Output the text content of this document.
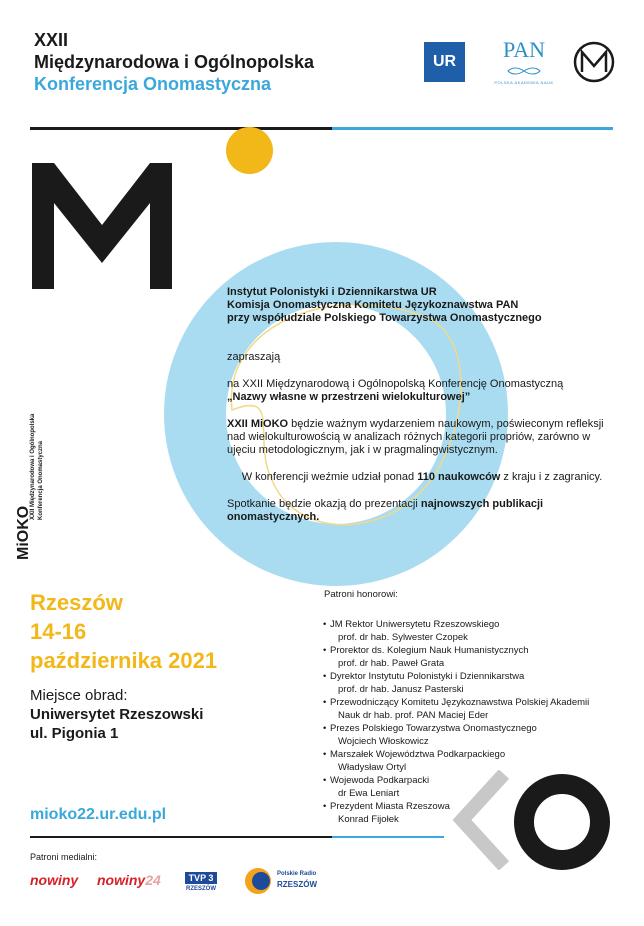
XXII
Międzynarodowa i Ogólnopolska
Konferencja Onomastyczna
UR	PAN
POLSKA AKADEMIA NAUK

Instytut Polonistyki i Dziennikarstwa UR
Komisja Onomastyczna Komitetu Językoznawstwa PAN
przy współudziale Polskiego Towarzystwa Onomastycznego

zapraszają

na XXII Międzynarodową i Ogólnopolską Konferencję Onomastyczną
„Nazwy własne w przestrzeni wielokulturowej”

XXII MiOKO będzie ważnym wydarzeniem naukowym, poświeconym refleksji nad wielokulturowością w analizach różnych kategorii propriów, zarówno w ujęciu metodologicznym, jak i w pragmalingwistycznym.

W konferencji weźmie udział ponad 110 naukowców z kraju i z zagranicy.

Spotkanie będzie okazją do prezentacji najnowszych publikacji onomastycznych.

XXII Międzynarodowa i Ogólnopolska Konferencja Onomastyczna
MiOKO
Rzeszów
14-16
października 2021
Miejsce obrad:
Uniwersytet Rzeszowski
ul. Pigonia 1
Patroni honorowi:
• JM Rektor Uniwersytetu Rzeszowskiego
prof. dr hab. Sylwester Czopek
• Prorektor ds. Kolegium Nauk Humanistycznych
prof. dr hab. Paweł Grata
• Dyrektor Instytutu Polonistyki i Dziennikarstwa
prof. dr hab. Janusz Pasterski
• Przewodniczący Komitetu Językoznawstwa Polskiej Akademii
Nauk dr hab. prof. PAN Maciej Eder
• Prezes Polskiego Towarzystwa Onomastycznego
Wojciech Włoskowicz
• Marszałek Województwa Podkarpackiego
Władysław Ortyl
• Wojewoda Podkarpacki
dr Ewa Leniart
• Prezydent Miasta Rzeszowa
Konrad Fijołek
mioko22.ur.edu.pl
Patroni medialni:
nowiny nowiny24	TVP 3
RZESZÓW
Polskie Radio
RZESZÓW
